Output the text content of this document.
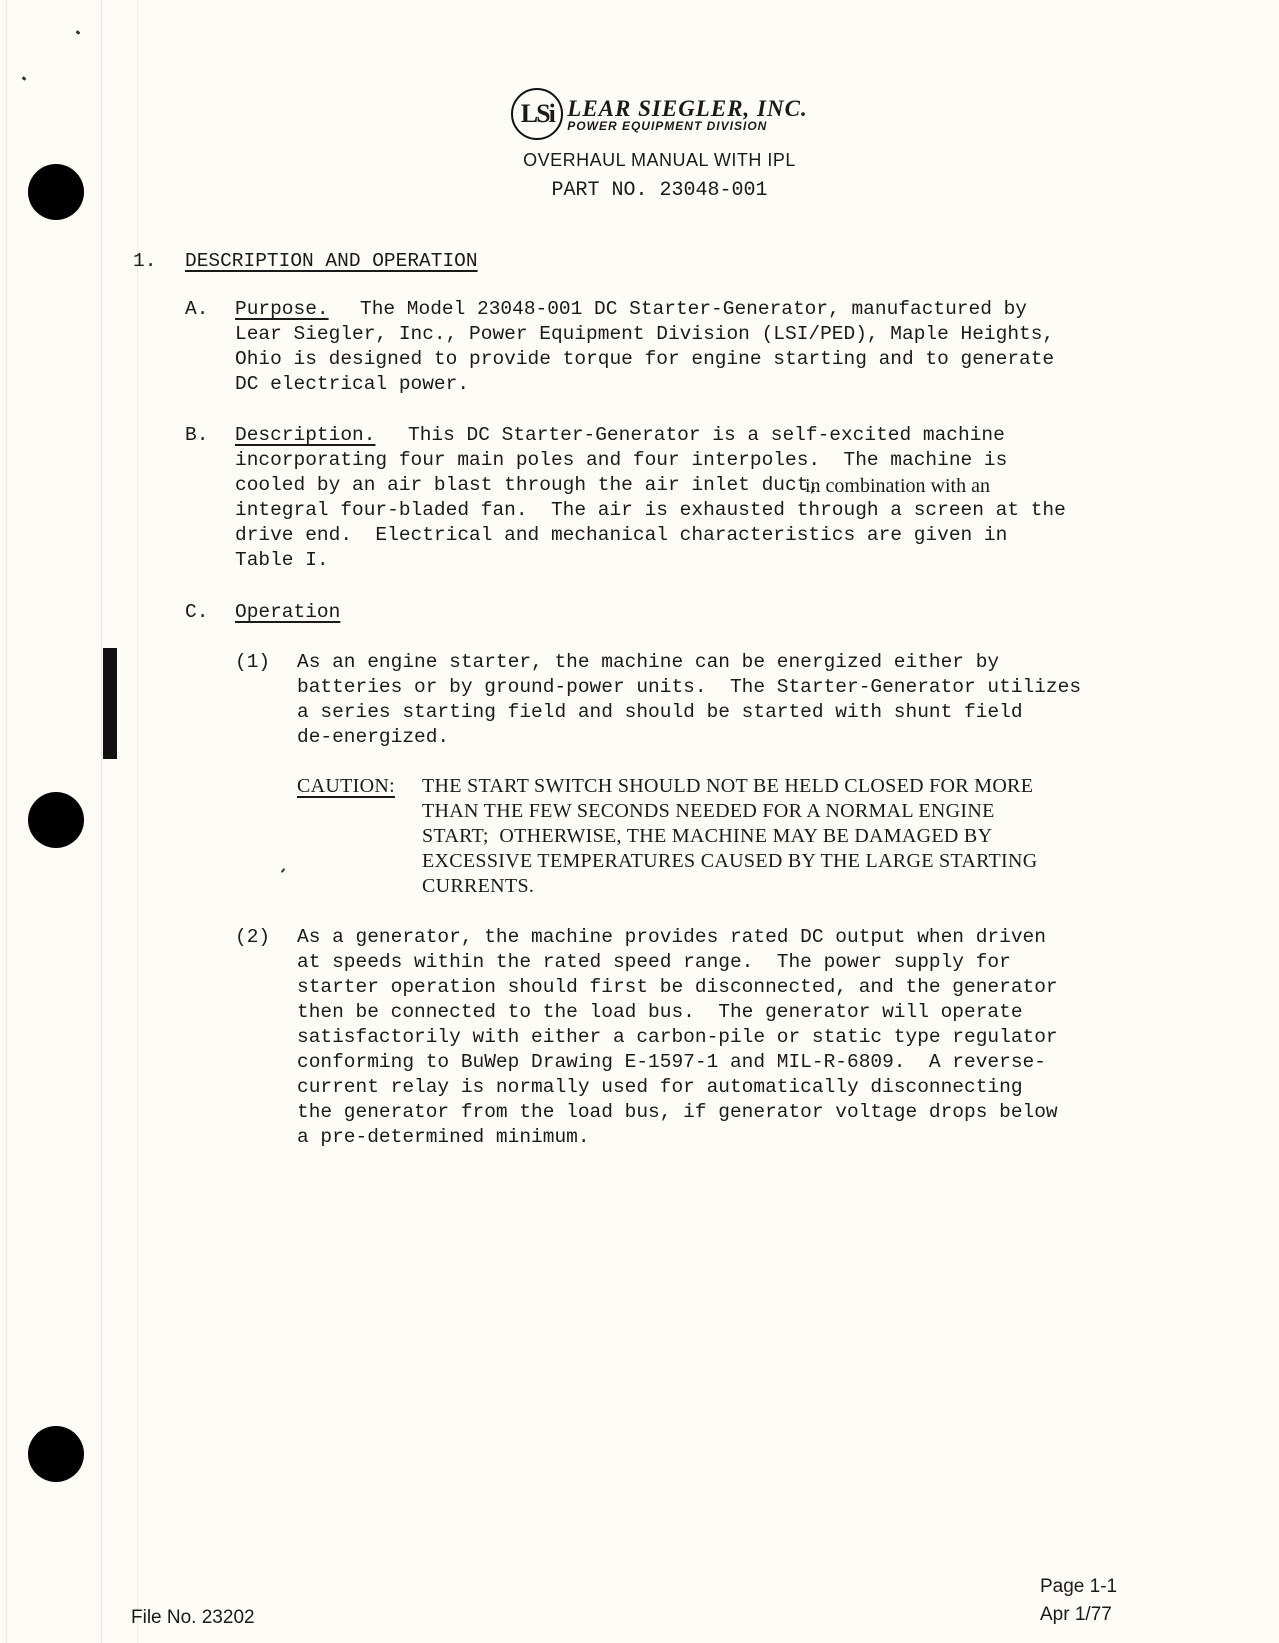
LSi LEAR SIEGLER, INC.
POWER EQUIPMENT DIVISION
OVERHAUL MANUAL WITH IPL
PART NO. 23048-001
1. DESCRIPTION AND OPERATION
A. Purpose. The Model 23048-001 DC Starter-Generator, manufactured by
Lear Siegler, Inc., Power Equipment Division (LSI/PED), Maple Heights,
Ohio is designed to provide torque for engine starting and to generate
DC electrical power.
B. Description. This DC Starter-Generator is a self-excited machine
incorporating four main poles and four interpoles.  The machine is
cooled by an air blast through the air inlet duct,
in combination with an
integral four-bladed fan.  The air is exhausted through a screen at the
drive end.  Electrical and mechanical characteristics are given in
Table I.
C. Operation
(1) As an engine starter, the machine can be energized either by
batteries or by ground-power units.  The Starter-Generator utilizes
a series starting field and should be started with shunt field
de-energized.
CAUTION: THE START SWITCH SHOULD NOT BE HELD CLOSED FOR MORE
THAN THE FEW SECONDS NEEDED FOR A NORMAL ENGINE
START;  OTHERWISE, THE MACHINE MAY BE DAMAGED BY
EXCESSIVE TEMPERATURES CAUSED BY THE LARGE STARTING
CURRENTS.
(2) As a generator, the machine provides rated DC output when driven
at speeds within the rated speed range.  The power supply for
starter operation should first be disconnected, and the generator
then be connected to the load bus.  The generator will operate
satisfactorily with either a carbon-pile or static type regulator
conforming to BuWep Drawing E-1597-1 and MIL-R-6809.  A reverse-
current relay is normally used for automatically disconnecting
the generator from the load bus, if generator voltage drops below
a pre-determined minimum.
File No. 23202
Page 1-1
Apr 1/77
